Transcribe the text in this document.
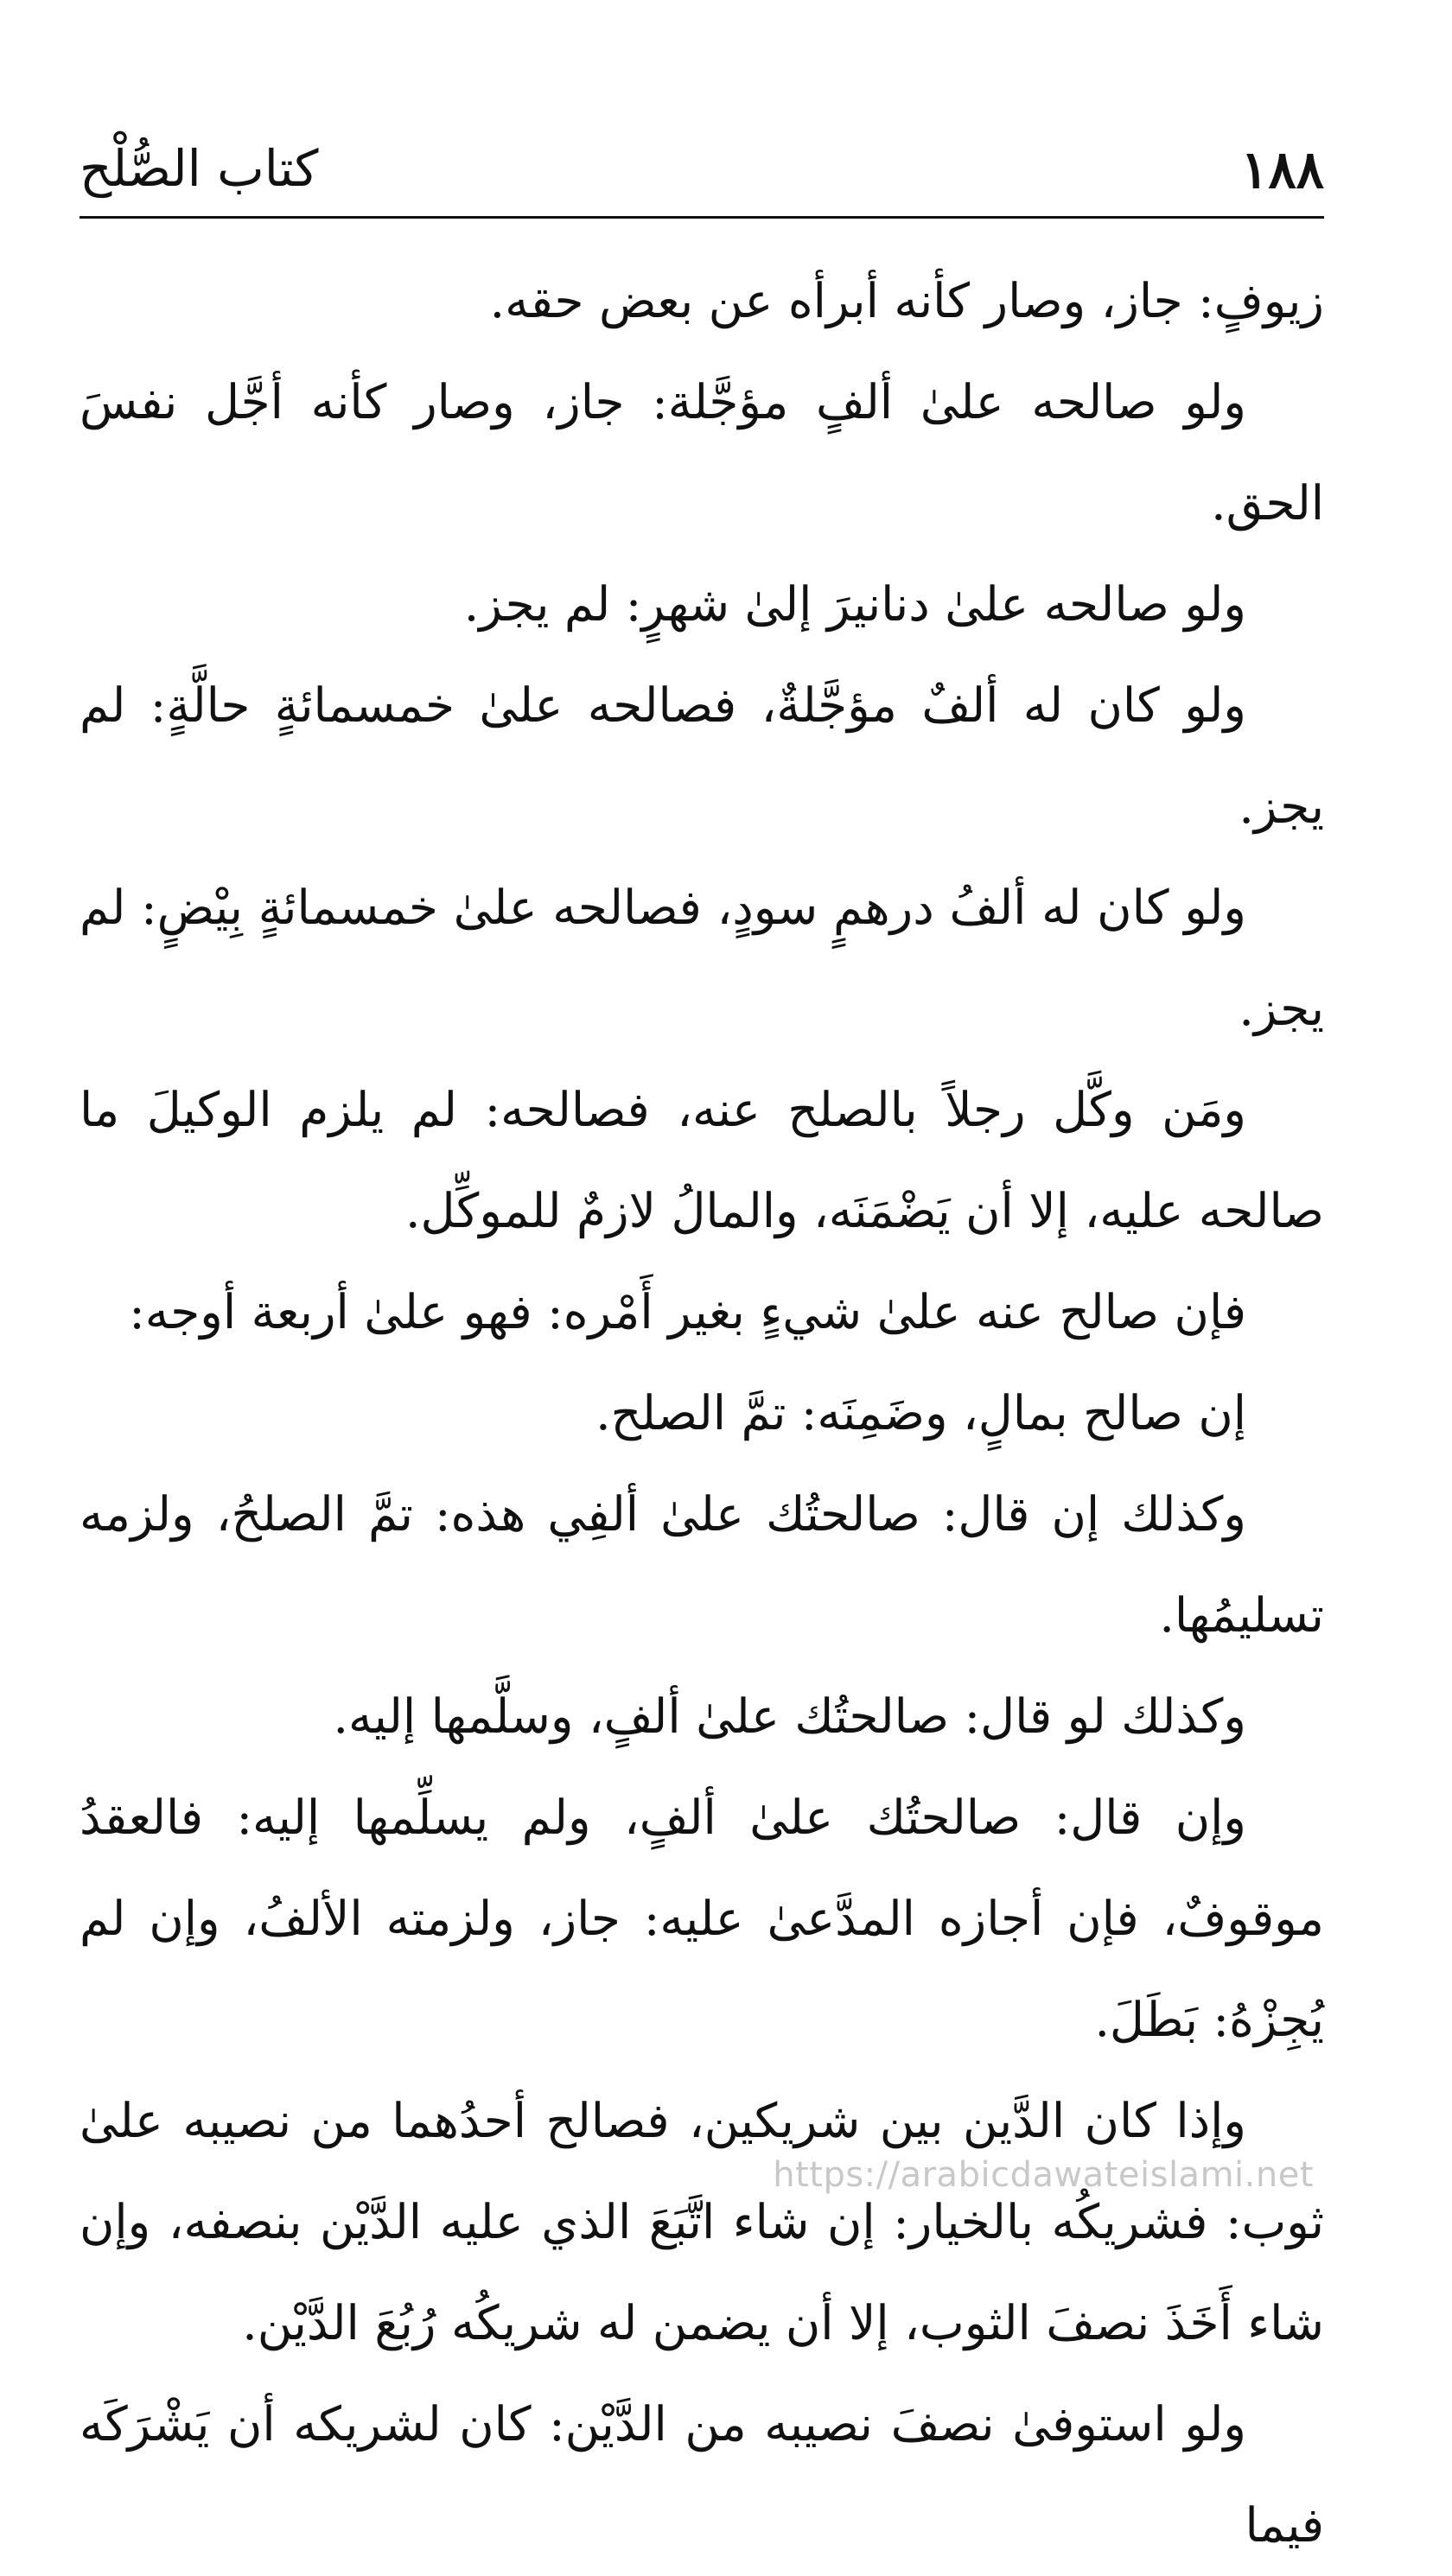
١٨٨
كتاب الصُّلْح

زيوفٍ: جاز، وصار كأنه أبرأه عن بعض حقه.

ولو صالحه علىٰ ألفٍ مؤجَّلة: جاز، وصار كأنه أجَّل نفسَ الحق.

ولو صالحه علىٰ دنانيرَ إلىٰ شهرٍ: لم يجز.

ولو كان له ألفٌ مؤجَّلةٌ، فصالحه علىٰ خمسمائةٍ حالَّةٍ: لم يجز.

ولو كان له ألفُ درهمٍ سودٍ، فصالحه علىٰ خمسمائةٍ بِيْضٍ: لم يجز.

ومَن وكَّل رجلاً بالصلح عنه، فصالحه: لم يلزم الوكيلَ ما صالحه عليه، إلا أن يَضْمَنَه، والمالُ لازمٌ للموكِّل.

فإن صالح عنه علىٰ شيءٍ بغير أَمْره: فهو علىٰ أربعة أوجه:

إن صالح بمالٍ، وضَمِنَه: تمَّ الصلح.

وكذلك إن قال: صالحتُك علىٰ ألفِي هذه: تمَّ الصلحُ، ولزمه تسليمُها.

وكذلك لو قال: صالحتُك علىٰ ألفٍ، وسلَّمها إليه.

وإن قال: صالحتُك علىٰ ألفٍ، ولم يسلِّمها إليه: فالعقدُ موقوفٌ، فإن أجازه المدَّعىٰ عليه: جاز، ولزمته الألفُ، وإن لم يُجِزْهُ: بَطَلَ.

وإذا كان الدَّين بين شريكين، فصالح أحدُهما من نصيبه علىٰ ثوب: فشريكُه بالخيار: إن شاء اتَّبَعَ الذي عليه الدَّيْن بنصفه، وإن شاء أَخَذَ نصفَ الثوب، إلا أن يضمن له شريكُه رُبُعَ الدَّيْن.

ولو استوفىٰ نصفَ نصيبه من الدَّيْن: كان لشريكه أن يَشْرَكَه فيما

https://arabicdawateislami.net
